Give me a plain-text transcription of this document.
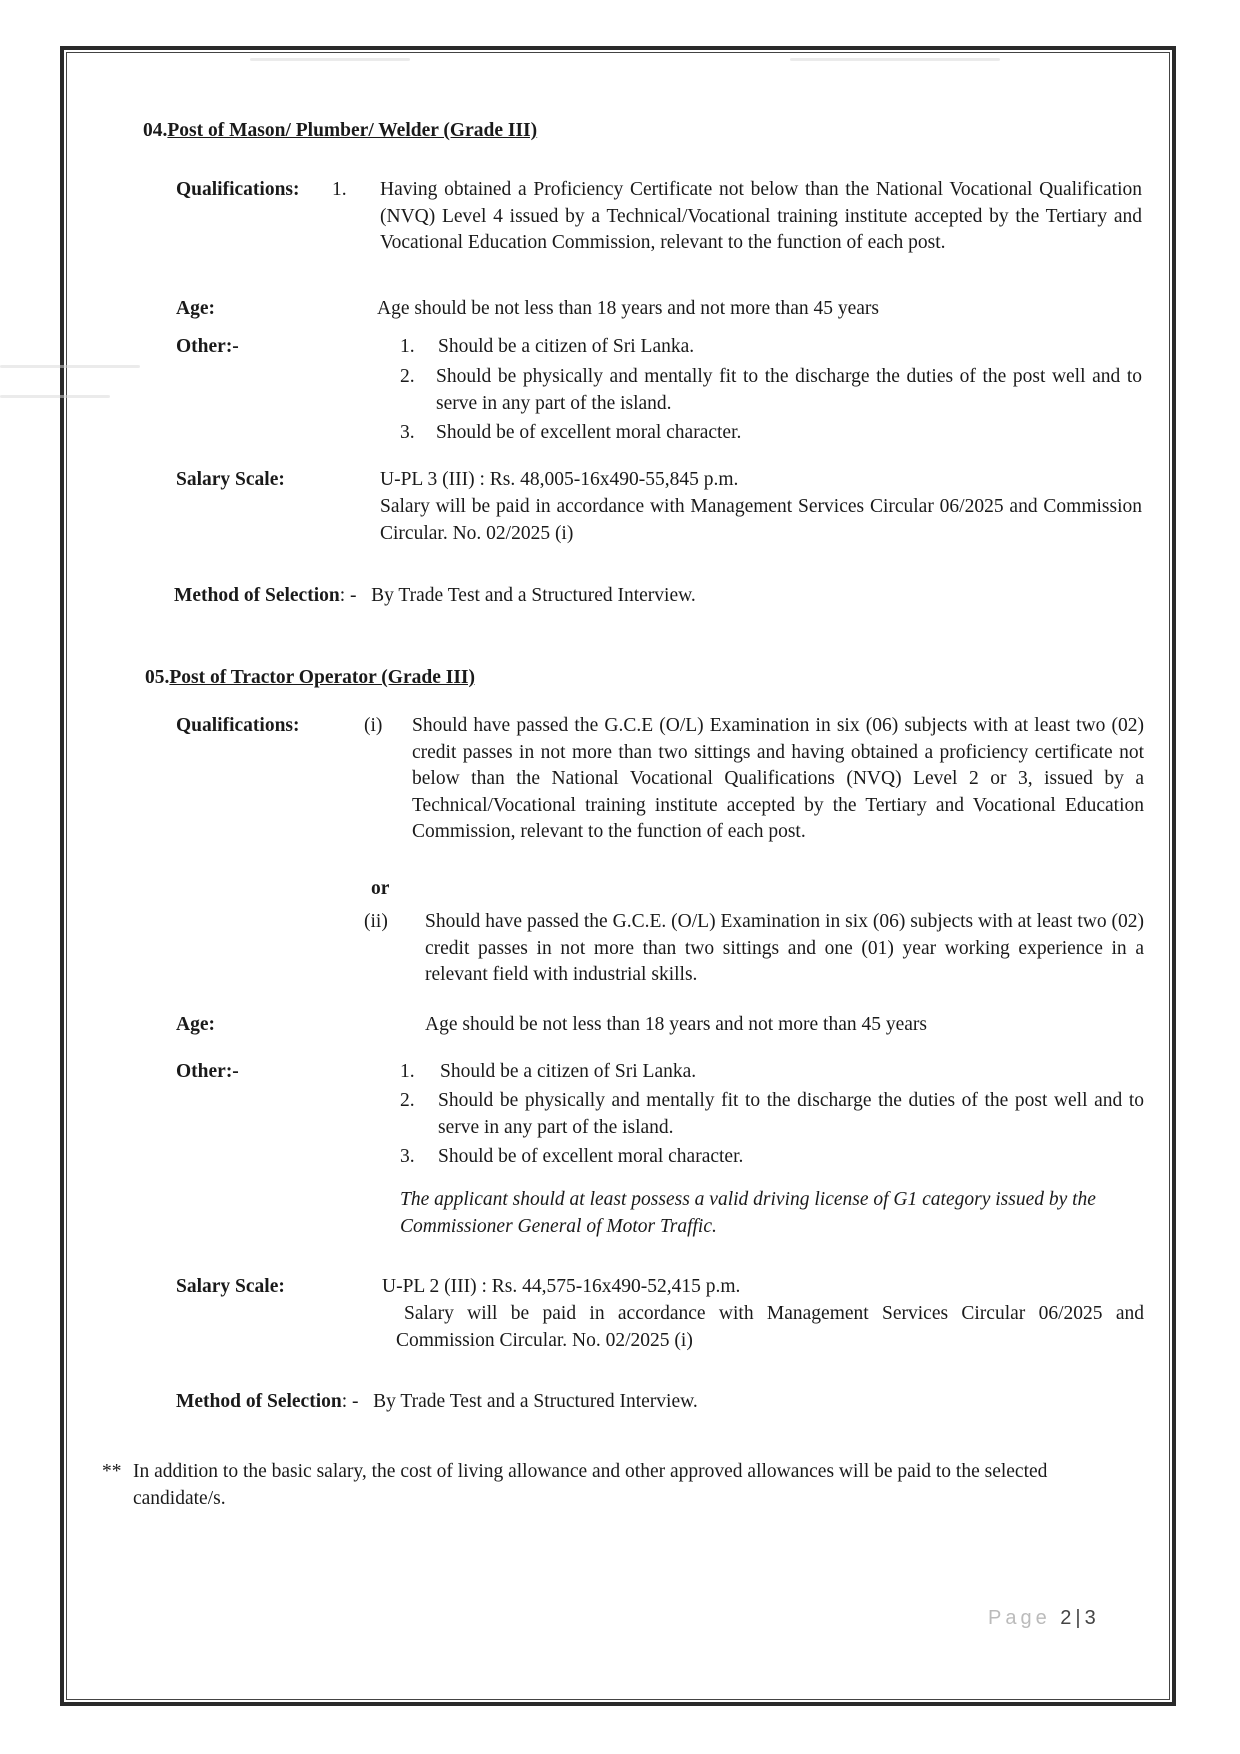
04.Post of Mason/ Plumber/ Welder (Grade III)
Qualifications: 1. Having obtained a Proficiency Certificate not below than the National Vocational Qualification (NVQ) Level 4 issued by a Technical/Vocational training institute accepted by the Tertiary and Vocational Education Commission, relevant to the function of each post.
Age:	Age should be not less than 18 years and not more than 45 years
Other:-	1. Should be a citizen of Sri Lanka.
2. Should be physically and mentally fit to the discharge the duties of the post well and to serve in any part of the island.
3. Should be of excellent moral character.
Salary Scale:	U-PL 3 (III) : Rs. 48,005-16x490-55,845 p.m.
Salary will be paid in accordance with Management Services Circular 06/2025 and Commission Circular. No. 02/2025 (i)
Method of Selection: - By Trade Test and a Structured Interview.
05.Post of Tractor Operator (Grade III)
Qualifications:	(i) Should have passed the G.C.E (O/L) Examination in six (06) subjects with at least two (02) credit passes in not more than two sittings and having obtained a proficiency certificate not below than the National Vocational Qualifications (NVQ) Level 2 or 3, issued by a Technical/Vocational training institute accepted by the Tertiary and Vocational Education Commission, relevant to the function of each post.
or
(ii) Should have passed the G.C.E. (O/L) Examination in six (06) subjects with at least two (02) credit passes in not more than two sittings and one (01) year working experience in a relevant field with industrial skills.
Age:	Age should be not less than 18 years and not more than 45 years
Other:-	1. Should be a citizen of Sri Lanka.
2. Should be physically and mentally fit to the discharge the duties of the post well and to serve in any part of the island.
3. Should be of excellent moral character.
The applicant should at least possess a valid driving license of G1 category issued by the Commissioner General of Motor Traffic.
Salary Scale:	U-PL 2 (III) : Rs. 44,575-16x490-52,415 p.m.
Salary will be paid in accordance with Management Services Circular 06/2025 and Commission Circular. No. 02/2025 (i)
Method of Selection: - By Trade Test and a Structured Interview.
** In addition to the basic salary, the cost of living allowance and other approved allowances will be paid to the selected candidate/s.
Page 2|3
